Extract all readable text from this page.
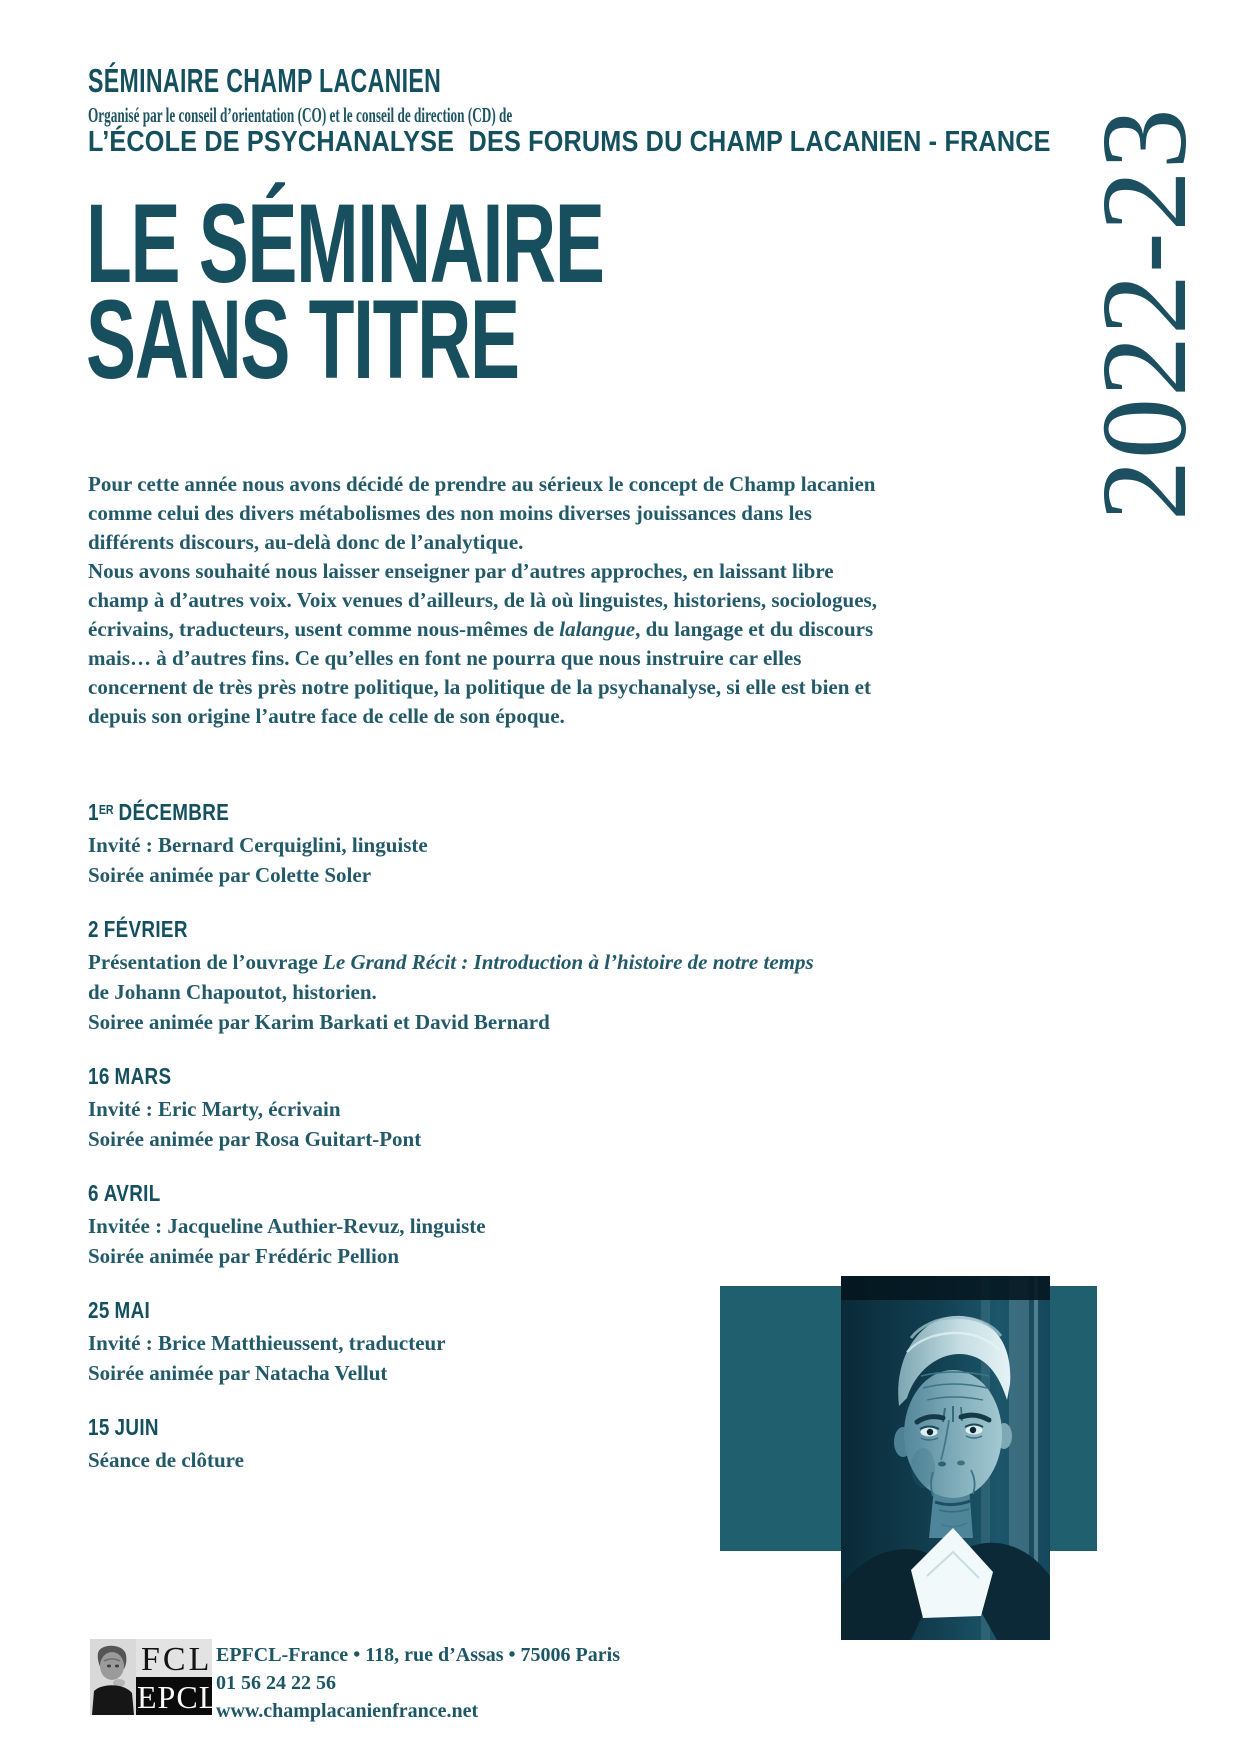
SÉMINAIRE CHAMP LACANIEN
Organisé par le conseil d’orientation (CO) et le conseil de direction (CD) de
L’ÉCOLE DE PSYCHANALYSE  DES FORUMS DU CHAMP LACANIEN - FRANCE 2022-23
LE SÉMINAIRE
SANS TITRE
Pour cette année nous avons décidé de prendre au sérieux le concept de Champ lacanien
comme celui des divers métabolismes des non moins diverses jouissances dans les
différents discours, au-delà donc de l’analytique.
Nous avons souhaité nous laisser enseigner par d’autres approches, en laissant libre
champ à d’autres voix. Voix venues d’ailleurs, de là où linguistes, historiens, sociologues,
écrivains, traducteurs, usent comme nous-mêmes de lalangue, du langage et du discours
mais… à d’autres fins. Ce qu’elles en font ne pourra que nous instruire car elles
concernent de très près notre politique, la politique de la psychanalyse, si elle est bien et
depuis son origine l’autre face de celle de son époque.
1ER DÉCEMBRE
Invité : Bernard Cerquiglini, linguiste
Soirée animée par Colette Soler
2 FÉVRIER
Présentation de l’ouvrage Le Grand Récit : Introduction à l’histoire de notre temps
de Johann Chapoutot, historien.
Soiree animée par Karim Barkati et David Bernard
16 MARS
Invité : Eric Marty, écrivain
Soirée animée par Rosa Guitart-Pont
6 AVRIL
Invitée : Jacqueline Authier-Revuz, linguiste
Soirée animée par Frédéric Pellion
25 MAI
Invité : Brice Matthieussent, traducteur
Soirée animée par Natacha Vellut
15 JUIN
Séance de clôture
FCL
EPCL
EPFCL-France • 118, rue d’Assas • 75006 Paris
01 56 24 22 56
www.champlacanienfrance.net
